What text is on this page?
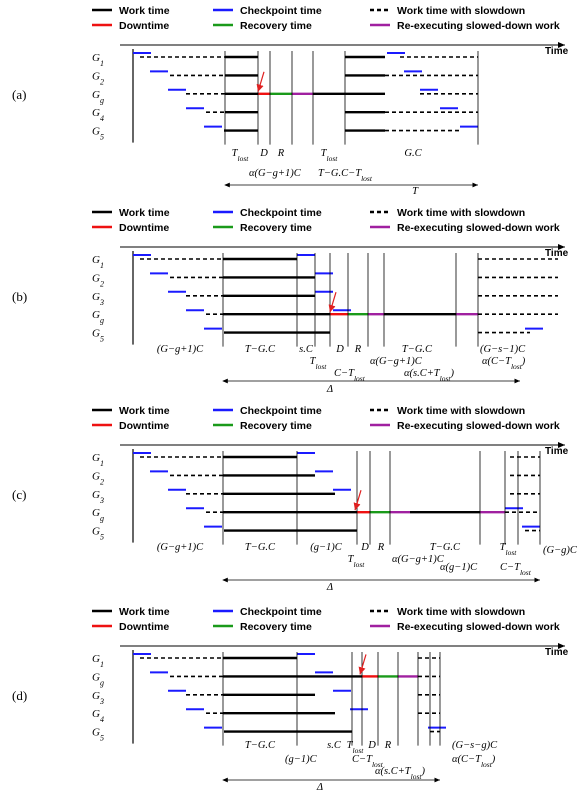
Work time	Checkpoint time	Work time with slowdown
Downtime	Recovery time	Re-executing slowed-down work
Time
$G_1$
$G_2$
$G_g$
$G_4$
$G_5$
(a)
$T_{lost}$ D R	$T_{lost}$	G.C
α(G−g+1)C $T-G.C-T_{lost}$
T
Work time	Checkpoint time	Work time with slowdown
Downtime	Recovery time	Re-executing slowed-down work
Time
$G_1$
$G_2$
$G_3$
$G_g$
$G_5$
(b)
(G−g+1)C	T−G.C s.C
$T_{lost}$
D R	T−G.C	(G−s−1)C
$C-T_{lost}$
α(G−g+1)C	$\alpha(C-T_{lost})$
$\alpha(s.C+T_{lost})$
Δ
Work time	Checkpoint time	Work time with slowdown
Downtime	Recovery time	Re-executing slowed-down work
Time
$G_1$
$G_2$
$G_3$
$G_g$
$G_5$
(c)
(G−g+1)C	T−G.C	(g−1)C D R	T−G.C	$T_{lost}$	(G−g)C
$T_{lost}$	α(G−g+1)C
α(g−1)C $C-T_{lost}$
Δ
Work time	Checkpoint time	Work time with slowdown
Downtime	Recovery time	Re-executing slowed-down work
Time
$G_1$
$G_g$
$G_3$
$G_4$
$G_5$
(d)
T−G.C	s.C $T_{lost}$ D R	(G−s−g)C
(g−1)C	$C-T_{lost}$	$\alpha(C-T_{lost})$
$\alpha(s.C+T_{lost})$
Δ
